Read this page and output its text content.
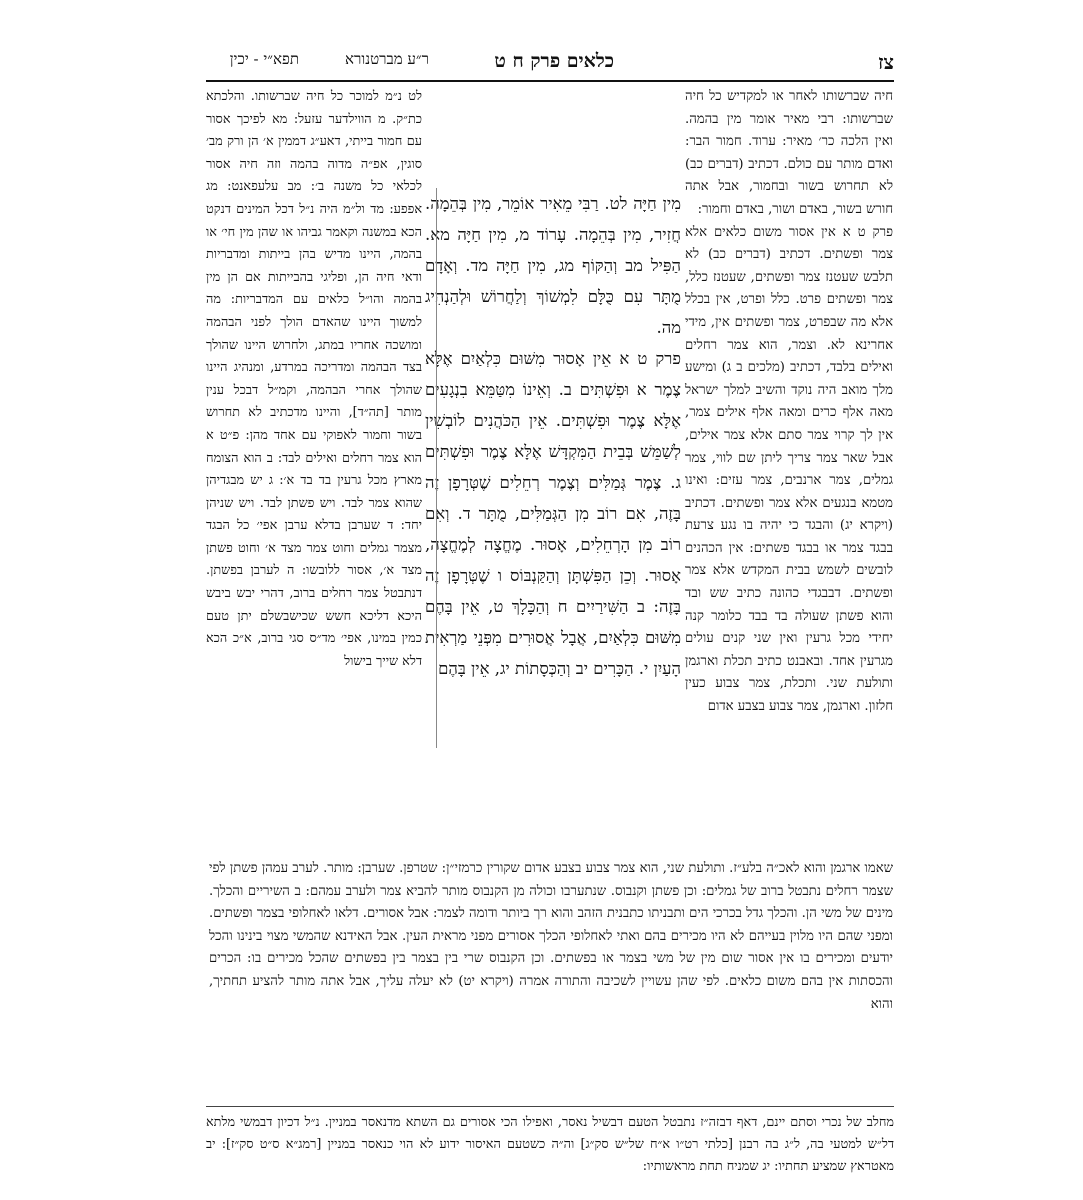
צז
כלאים פרק ח ט
ר״ע מברטנורא
תפא״י - יכין

חיה שברשותו לאחר או למקדיש כל חיה שברשותו: רבי מאיר אומר מין בהמה. ואין הלכה כר׳ מאיר: ערוד. חמור הבר: ואדם מותר עם כולם. דכתיב (דברים כב) לא תחרוש בשור ובחמור, אבל אתה חורש בשור, באדם ושור, באדם וחמור:

פרק ט א אין אסור משום כלאים אלא צמר ופשתים. דכתיב (דברים כב) לא תלבש שעטנז צמר ופשתים, שעטנז כלל, צמר ופשתים פרט. כלל ופרט, אין בכלל אלא מה שבפרט, צמר ופשתים אין, מידי אחרינא לא. וצמר, הוא צמר רחלים ואילים בלבד, דכתיב (מלכים ב ג) ומישע מלך מואב היה נוקד והשיב למלך ישראל מאה אלף כרים ומאה אלף אילים צמר, אין לך קרוי צמר סתם אלא צמר אילים, אבל שאר צמר צריך ליתן שם לווי, צמר גמלים, צמר ארנבים, צמר עזים: ואינו מטמא בנגעים אלא צמר ופשתים. דכתיב (ויקרא יג) והבגד כי יהיה בו נגע צרעת בבגד צמר או בבגד פשתים: אין הכהנים לובשים לשמש בבית המקדש אלא צמר ופשתים. דבבגדי כהונה כתיב שש ובד והוא פשתן שעולה בד בבד כלומר קנה יחידי מכל גרעין ואין שני קנים עולים מגרעין אחד. ובאבנט כתיב תכלת וארגמן ותולעת שני. ותכלת, צמר צבוע כעין חלזון. וארגמן, צמר צבוע בצבע אדום

מִין חַיָּה לט. רַבִּי מֵאִיר אוֹמֵר, מִין בְּהֵמָה. חֲזִיר, מִין בְּהֵמָה. עָרוֹד מ, מִין חַיָּה מא. הַפִּיל מב וְהַקּוֹף מג, מִין חַיָּה מד. וְאָדָם מֻתָּר עִם כֻּלָּם לִמְשׁוֹךְ וְלַחֲרוֹשׁ וּלְהַנְהִיג מה.

פרק ט א אֵין אָסוּר מִשּׁוּם כִּלְאַיִם אֶלָּא צֶמֶר א וּפִשְׁתִּים ב. וְאֵינוֹ מִטַּמֵּא בִנְגָעִים אֶלָּא צֶמֶר וּפִשְׁתִּים. אֵין הַכֹּהֲנִים לוֹבְשִׁין לְשַׁמֵּשׁ בְּבֵית הַמִּקְדָּשׁ אֶלָּא צֶמֶר וּפִשְׁתִּים ג. צֶמֶר גְּמַלִּים וְצֶמֶר רְחֵלִים שֶׁטְּרָפָן זֶה בָּזֶה, אִם רוֹב מִן הַגְּמַלִּים, מֻתָּר ד. וְאִם רוֹב מִן הָרְחֵלִים, אָסוּר. מֶחֱצָה לְמֶחֱצָה, אָסוּר. וְכֵן הַפִּשְׁתָּן וְהַקַּנְבּוֹס ו שֶׁטְּרָפָן זֶה בָּזֶה: ב הַשִּׁירַיִים ח וְהַכָּלָךְ ט, אֵין בָּהֶם מִשּׁוּם כִּלְאַיִם, אֲבָל אֲסוּרִים מִפְּנֵי מַרְאִית הָעַיִן י. הַכָּרִים יב וְהַכְּסָתוֹת יג, אֵין בָּהֶם

לט נ״מ למוכר כל חיה שברשותו. והלכתא כת״ק. מ הווילדער עזעל: מא לפיכך אסור עם חמור בייתי, דאע״ג דממין א׳ הן ורק מב׳ סוגין, אפ״ה מדוה בהמה וזה חיה אסור לכלאי כל משנה ב׳: מב עלעפאנט: מג אפפע: מד ול״מ היה נ״ל דכל המינים דנקט הכא במשנה וקאמר גביהו או שהן מין חי׳ או בהמה, היינו מדיש בהן בייתות ומדבריות ודאי חיה הן, ופליגי בהבייתות אם הן מין בהמה והו״ל כלאים עם המדבריות: מה למשוך היינו שהאדם הולך לפני הבהמה ומושכה אחריו במתג, ולחרוש היינו שהולך בצד הבהמה ומדריכה במרדע, ומנהיג היינו שהולך אחרי הבהמה, וקמ״ל דבכל ענין מותר [תה״ד], והיינו מדכתיב לא תחרוש בשור וחמור לאפוקי עם אחד מהן: פ״ט א הוא צמר רחלים ואילים לבד: ב הוא הצומח מארץ מכל גרעין בד בד א׳: ג יש מבגדיהן שהוא צמר לבד. ויש פשתן לבד. ויש שניהן יחד: ד שערבן בדלא ערבן אפי׳ כל הבגד מצמר גמלים וחוט צמר מצד א׳ וחוט פשתן מצד א׳, אסור ללובשו: ה לערבן בפשתן. דנתבטל צמר רחלים ברוב, דהרי יבש ביבש היכא דליכא חשש שכישבשלם יתן טעם כמין במינו, אפי׳ מד״ס סגי ברוב, א״כ הכא דלא שייך בישול

שאמו ארגמן והוא לאכ״ה בלע״ז. ותולעת שני, הוא צמר צבוע בצבע אדום שקורין כרמזי״ן: שטרפן. שערבן: מותר. לערב עמהן פשתן לפי שצמר רחלים נתבטל ברוב של גמלים: וכן פשתן וקנבוס. שנתערבו וכולה מן הקנבוס מותר להביא צמר ולערב עמהם: ב השיריים והכלך. מינים של משי הן. והכלך גדל בכרכי הים ותבניתו כתבנית הזהב והוא רך ביותר ודומה לצמר: אבל אסורים. דלאו לאחלופי בצמר ופשתים. ומפני שהם היו מלוין בעייהם לא היו מכירים בהם ואתי לאחלופי הכלך אסורים מפני מראית העין. אבל האידנא שהמשי מצוי בינינו והכל יודעים ומכירים בו אין אסור שום מין של משי בצמר או בפשתים. וכן הקנבוס שרי בין בצמר בין בפשתים שהכל מכירים בו: הכרים והכסתות אין בהם משום כלאים. לפי שהן עשויין לשכיבה והתורה אמרה (ויקרא יט) לא יעלה עליך, אבל אתה מותר להציע תחתיך, והוא
מחלב של נכרי וסתם יינם, דאף דבזה״ז נתבטל הטעם דבשיל נאסר, ואפילו הכי אסורים גם השתא מדנאסר במניין. נ״ל דכיון דבמשי מלתא דל״ש למטעי בה, ל״ג בה רבנן [כלתי רט״ו א״ח של״ש סק״ג] וה״ה כשטעם האיסור ידוע לא הוי כנאסר במניין [רמג״א ס״ט סק״ז]: יב מאטראץ שמציע תחתיו: יג שמניח תחת מראשותיו:
